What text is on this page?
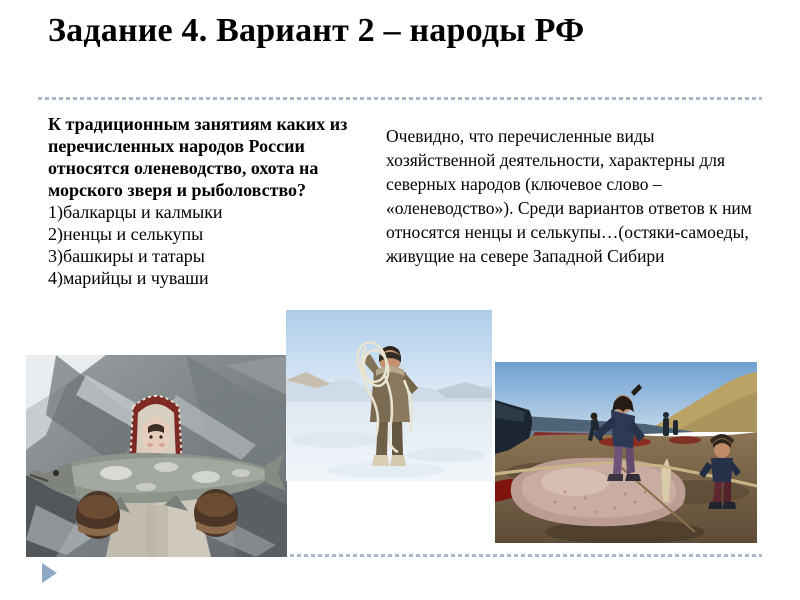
Задание 4. Вариант 2 – народы РФ
К традиционным занятиям каких из перечисленных народов России относятся оленеводство, охота на морского зверя и рыболовство?
1)балкарцы и калмыки
2)ненцы и селькупы
3)башкиры и татары
4)марийцы и чуваши
Очевидно, что перечисленные виды хозяйственной деятельности, характерны для северных народов (ключевое слово – «оленеводство»). Среди вариантов ответов к ним относятся ненцы и селькупы…(остяки-самоеды, живущие на севере Западной Сибири
